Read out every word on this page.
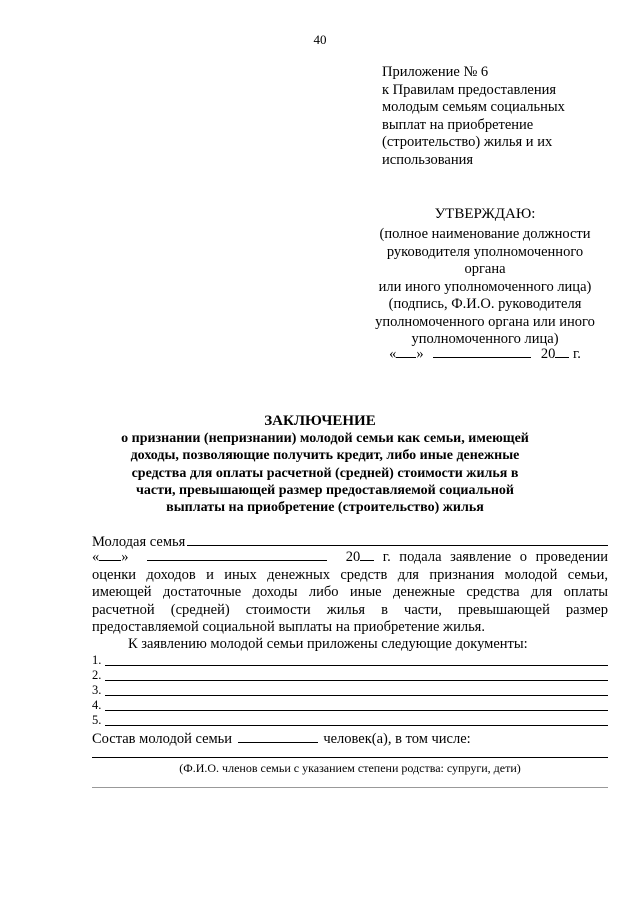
40
Приложение № 6
к Правилам предоставления
молодым семьям социальных
выплат на приобретение
(строительство) жилья и их
использования
УТВЕРЖДАЮ:
(полное наименование должности
руководителя уполномоченного
органа
или иного уполномоченного лица)
(подпись, Ф.И.О. руководителя
уполномоченного органа или иного
уполномоченного лица)
« »	20 г.
ЗАКЛЮЧЕНИЕ
о признании (непризнании) молодой семьи как семьи, имеющей
доходы, позволяющие получить кредит, либо иные денежные
средства для оплаты расчетной (средней) стоимости жилья в
части, превышающей размер предоставляемой социальной
выплаты на приобретение (строительство) жилья
Молодая семья
« »	20 г. подала заявление о проведении оценки доходов и иных денежных средств для признания молодой семьи, имеющей достаточные доходы либо иные денежные средства для оплаты расчетной (средней) стоимости жилья в части, превышающей размер предоставляемой социальной выплаты на приобретение жилья.
К заявлению молодой семьи приложены следующие документы:
1.
2.
3.
4.
5.
Состав молодой семьи	человек(а), в том числе:
(Ф.И.О. членов семьи с указанием степени родства: супруги, дети)
